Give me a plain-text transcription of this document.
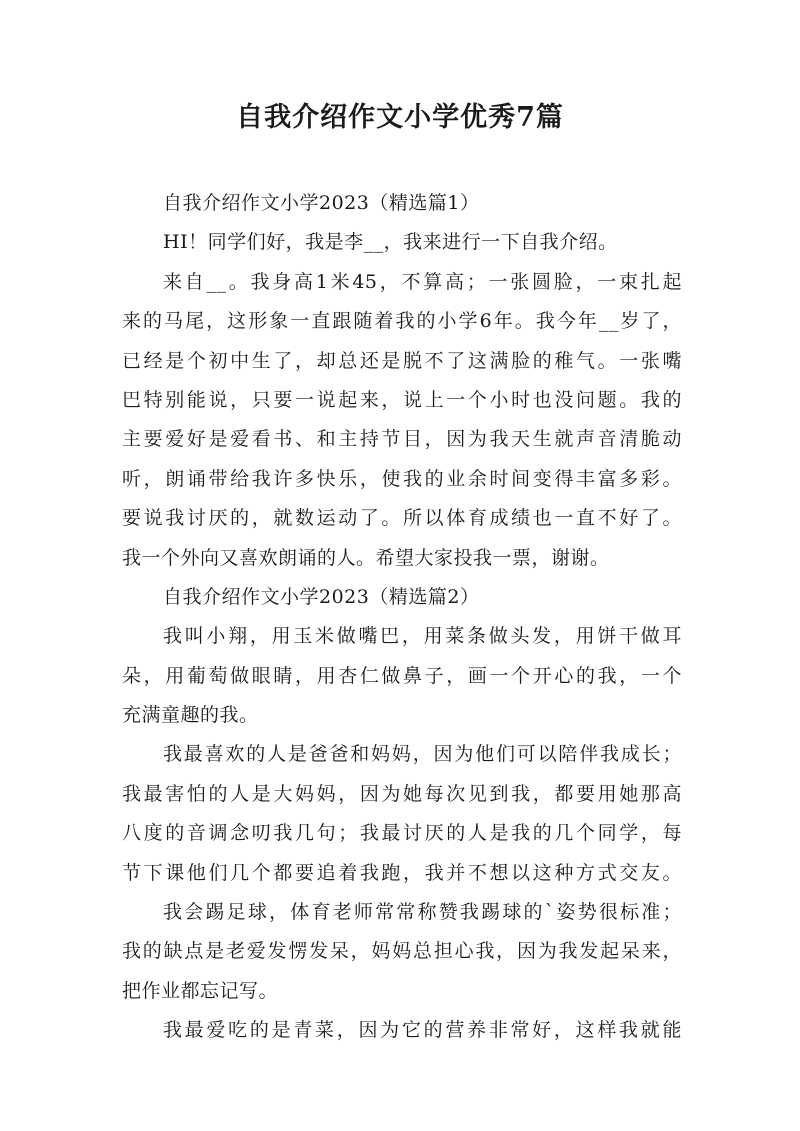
自我介绍作文小学优秀7篇
自我介绍作文小学2023（精选篇1）
HI！同学们好，我是李__，我来进行一下自我介绍。
来自__。我身高1米45，不算高；一张圆脸，一束扎起
来的马尾，这形象一直跟随着我的小学6年。我今年__岁了，
已经是个初中生了，却总还是脱不了这满脸的稚气。一张嘴
巴特别能说，只要一说起来，说上一个小时也没问题。我的
主要爱好是爱看书、和主持节目，因为我天生就声音清脆动
听，朗诵带给我许多快乐，使我的业余时间变得丰富多彩。
要说我讨厌的，就数运动了。所以体育成绩也一直不好了。
我一个外向又喜欢朗诵的人。希望大家投我一票，谢谢。
自我介绍作文小学2023（精选篇2）
我叫小翔，用玉米做嘴巴，用菜条做头发，用饼干做耳
朵，用葡萄做眼睛，用杏仁做鼻子，画一个开心的我，一个
充满童趣的我。
我最喜欢的人是爸爸和妈妈，因为他们可以陪伴我成长；
我最害怕的人是大妈妈，因为她每次见到我，都要用她那高
八度的音调念叨我几句；我最讨厌的人是我的几个同学，每
节下课他们几个都要追着我跑，我并不想以这种方式交友。
我会踢足球，体育老师常常称赞我踢球的`姿势很标准；
我的缺点是老爱发愣发呆，妈妈总担心我，因为我发起呆来，
把作业都忘记写。
我最爱吃的是青菜，因为它的营养非常好，这样我就能
